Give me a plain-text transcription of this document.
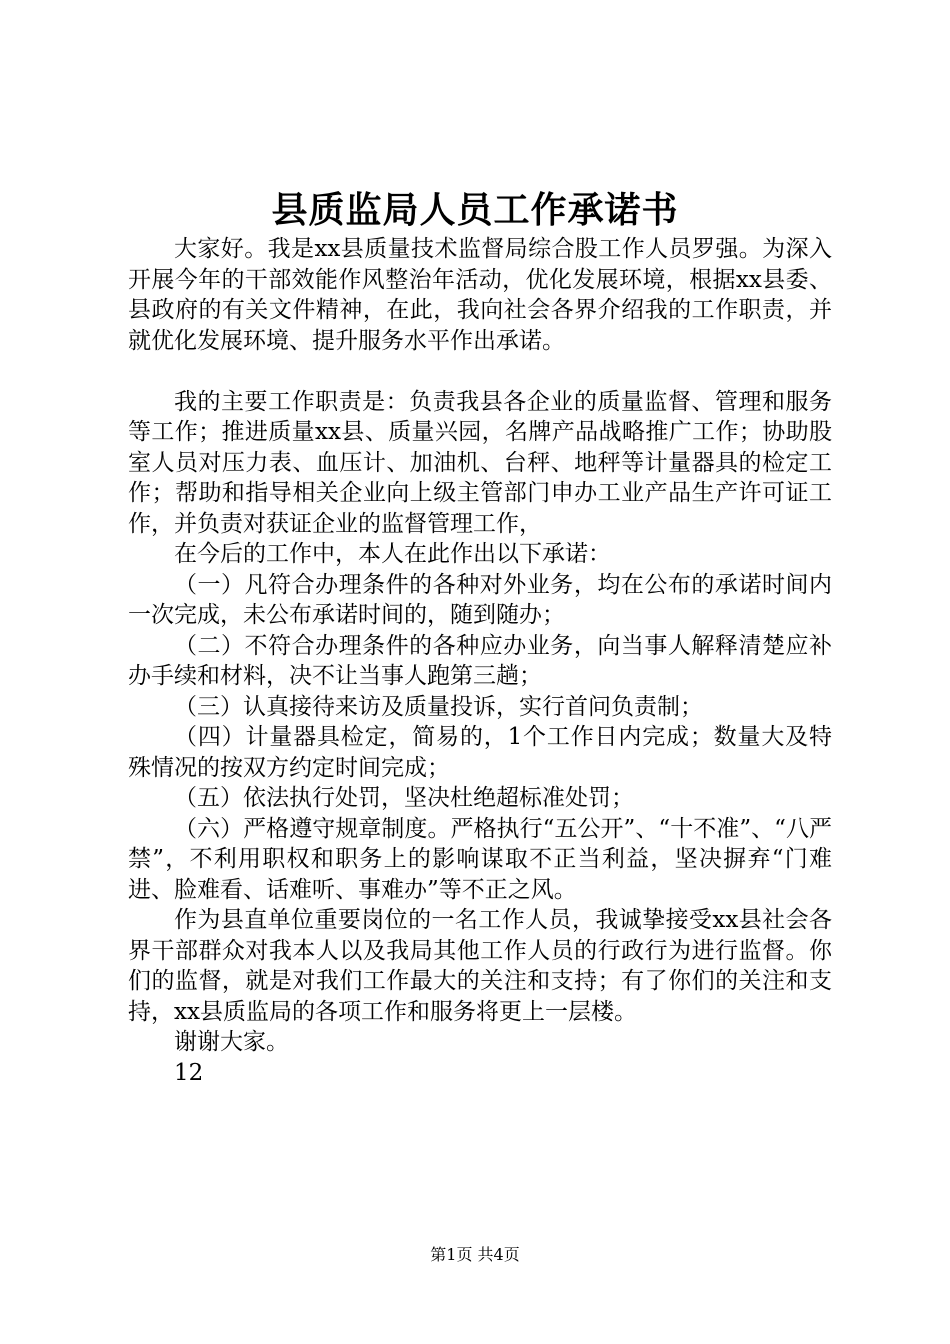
县质监局人员工作承诺书

大家好。我是xx县质量技术监督局综合股工作人员罗强。为深入开展今年的干部效能作风整治年活动，优化发展环境，根据xx县委、县政府的有关文件精神，在此，我向社会各界介绍我的工作职责，并就优化发展环境、提升服务水平作出承诺。

我的主要工作职责是：负责我县各企业的质量监督、管理和服务等工作；推进质量xx县、质量兴园，名牌产品战略推广工作；协助股室人员对压力表、血压计、加油机、台秤、地秤等计量器具的检定工作；帮助和指导相关企业向上级主管部门申办工业产品生产许可证工作，并负责对获证企业的监督管理工作，

在今后的工作中，本人在此作出以下承诺：

（一）凡符合办理条件的各种对外业务，均在公布的承诺时间内一次完成，未公布承诺时间的，随到随办；

（二）不符合办理条件的各种应办业务，向当事人解释清楚应补办手续和材料，决不让当事人跑第三趟；

（三）认真接待来访及质量投诉，实行首问负责制；

（四）计量器具检定，简易的，1个工作日内完成；数量大及特殊情况的按双方约定时间完成；

（五）依法执行处罚，坚决杜绝超标准处罚；

（六）严格遵守规章制度。严格执行“五公开”、“十不准”、“八严禁”，不利用职权和职务上的影响谋取不正当利益，坚决摒弃“门难进、脸难看、话难听、事难办”等不正之风。

作为县直单位重要岗位的一名工作人员，我诚挚接受xx县社会各界干部群众对我本人以及我局其他工作人员的行政行为进行监督。你们的监督，就是对我们工作最大的关注和支持；有了你们的关注和支持，xx县质监局的各项工作和服务将更上一层楼。

谢谢大家。

12

第1页 共4页
